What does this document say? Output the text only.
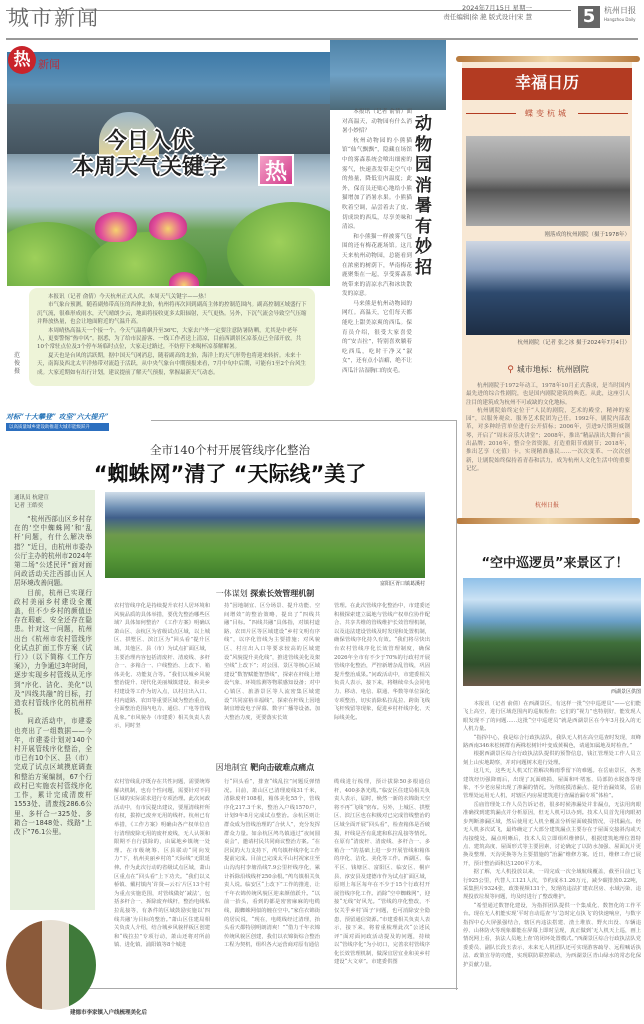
城市新闻	2024年7月15日 星期一
责任编辑|徐 滟 版式设计|宋 慧	5	杭州日报
Hangzhou Daily
热 新闻
今日入伏
本周天气关键字	热

本报讯（记者 俞倩）今天杭州正式入伏。本周天气关键字——热！

市气象台预测，随着副热带高压的西伸北抬，杭州将再次回到副高主体的控制范围内。副高控制区域盛行下沉气流，很难形成雨水，天气晴朗少云，地面将接收更多太阳辐射，天气更热。另外，下沉气流会导致空气压缩并释放热量，也会让地面附近的气温升高。

本周晴热高温天一个接一个。今天气温将飙升至36℃，大家去户外一定要注意防暑防晒，尤其是中老年人，更要警惕“热中风”。据悉，为了给市民游客、一线工作者送上清凉，目前西湖景区凉茶点已全部开放，共10个常驻点位及3个停车场临时点位，大家走过路过，不妨停下来喝杯凉茶解解暑。

夏天也是台风的活跃期，据中国天气网消息，随着副高的北抬，海洋上的天气形势也将迎来转折。未来十天，南海及西北太平洋热带对流趋于活跃，从中央气象台中期预报来看，7月中旬中后期，可能有1至2个台风生成。大家近期如有出行计划，建议提前了解天气预报，掌握最新天气动态。

范俊 摄

本报讯（记者 俞倩）面对高温天，动物园有什么消暑小妙招？

杭州动物园的小熊猫馆“仙气飘飘”，隐藏在场馆中的雾森系统会喷出细密的雾气，快速蒸发带走空气中的热量，降低室内温度；此外，保育员还贴心地给小熊猫增加了消暑水果。小熊猫吹着空调，品尝着去了皮、切成块的西瓜，尽享美味和清凉。

和小熊猫一样被雾气包围的还有梅花鹿场馆。这几天来杭州动物园，总能看到在浓密的树荫下，华南梅花鹿聚集在一起，享受雾森系统带来的清凉水汽和冰块散发的凉意。

马来熊是杭州动物园的网红。高温天，它们每天都能吃上甜美凉爽的西瓜。保育员介绍，很受大家喜爱的“安吉拉”，特别喜欢躺着吃西瓜，吃时干净又“淑女”，还有点小洁癖，绝不让西瓜汁沾湿胸口的皮毛。

动物园消暑有妙招
幸福日历
蝶变杭城
刚落成的杭州剧院（摄于1978年）
杭州剧院（记者 张之冰 摄于2024年7月4日）
⚲ 城市地标：杭州剧院

杭州剧院于1972年动工，1978年10月正式落成，是当时国内最先进的综合性剧院，也是国内剧院建筑的典范。从此，这座引人注目的建筑成为杭州不可或缺的文化地标。

杭州剧院始终定位于“人民的剧院，艺术的殿堂，精神的家园”，以服务观众、服务艺术院团为己任。1992年，剧院内部改革，对多种经营单位进行公开招标；2006年，引进9尺斯坦威钢琴，开启了“周末音乐大讲堂”；2008年，推出“精品演出大舞台”演出品牌；2016年，整合全省资源，打造重阳节戏剧节；2018年，推出艺享（充值）卡，实现精准惠民……一次次变革、一次次创新，让剧院始终保持着青春和活力，成为杭州人文化生活中的重要记忆。

杭州日报
对标“十大攀登” 攻坚“六大提升”
以高质量城乡建设助推超大城市能级跃升
全市140个村开展管线序化整治
“蜘蛛网”清了 “天际线”美了
通讯员 杭建宣
记者 王皓奕

“杭州西部山区乡村存在的‘空中蜘蛛网’和‘乱杆’问题，有什么解决举措？”近日，由杭州市委办公厅主办的杭州市2024年第二场“公述民评”面对面问政活动关注西部山区人居环境改善问题。

目前，杭州已实现行政村美丽乡村建设全覆盖，但不少乡村的颜值还存在瑕疵、安全还存在隐患。针对这一问题，杭州出台《杭州市农村管线序化试点扩面工作方案（试行）》（以下简称《工作方案》），力争通过3年时间，逐步实现乡村管线从无序到“序化、洁化、美化”以及“四线共融”的目标，打造农村管线序化的杭州样板。

问政活动中，市建委也亮出了一组数据——今年，市建委计划对140个村开展管线序化整治，全市已有10个区、县（市）完成了试点区域摸底调查和整治方案编制，67个行政村已实施农村管线序化工作，累计完成清废杆1553处、清废线286.6公里、多杆合一325处、多箱合一1848处、线路“上改下”76.1公里。

建德市李家镇入户线梳理美化后
富阳区胥口镇葛溪村
一体谋划 探索长效管理机制
农村管线序化是持续提升农村人居环境和风貌品质的具体举措，要优先整治哪些区域？具体如何整治？《工作方案》明确以萧山区、余杭区为省级试点区域，以上城区、拱墅区、滨江区为“回头看”提升区域，其他区、县（市）为试点扩面区域，主要治理内容包括清废杆、清废线、多杆合一、多箱合一、户线整治、上改下、箱体美化、功能复合等。“我们以城乡风貌整治提升、现代化美丽城镇建设、和美乡村建设等工作为切入点，以村庄出入口、村内道路、农田等重要区域为整治重点，全面整治范围内电力、通信、广电等管线乱象。”市风貌办（市建委）相关负责人表示，同时坚
持“因地制宜、区分场景、提升功能、空间增效”的整治策略，提出了“四线共融”目标。“四线共融”具体指，对镇村道路、农田片区等区域建设“乡村文明有序线”，以序化管线为主要措施；对风貌区、村庄出入口等要求较高的区域建设“风貌提升美化线”，推进管线美化及架空线“上改下”；对公园、景区等核心区域建设“数智赋能智慧线”，探索在杆线上增设气象、环境监测等物联感知设备；对中心镇区、旅游景区等人流密集区域建设“共同富裕幸福线”，探索在杆线上因地制宜增设电子屏幕、数字广播等设备。加大整治力度，更要落实长效
管理。在此次管线序化整治中，市建委还积极探索建立属地与管线产权单位协作配合、共享共维的管线维护长效管理机制，以及违法建设管线及时发现和处置机制，确保管线序化持久有效。“我们将尽快出台农村管线序化长效管理制度，确保2026年全市有不少于70%的行政村开展管线序化整治，严控新增杂乱管线，巩固提升整治成果。”问政活动中，市建委相关负责人表示，接下来，将继续牵头会同电力、移动、电信、联通、华数等单位深化专项整治，切实消除私拉乱拉、跨街飞线飞杆残留等现象，促进乡村杆线序化、天际线美化。
因地制宜 靶向击破难点痛点
农村管线乱序既存在共性问题，需要统筹解决机制，也有个性问题，需要针对不同区域的实际需求进行专项治理。此次问政活动中，有市民提出建议，要厘清线杆所有权，拔掉已废弃无用的线杆。杭州已有举措，《工作方案》明确由各产权单位自行清理废除无用的废杆废线，无人认领和限期不自行拔除的，由属地乡镇统一处理。在市级统筹、区县联动“同向发力”下，杭州美丽乡村的“天际线”无限延伸。作为此次行动的省级试点区域，萧山区重点在“回头看”上下功夫。“我们以义桥镇、戴村镇内‘许贤—云石’片区13个村为重点实施范围，对管线做好‘减法’，包括多杆合一、拆除废弃线杆，整治电线私拉乱接等，有条件的区域鼓励实施以‘四线共融’为目标的整治。”萧山区住建局相关负责人介绍，结合城乡风貌样板区创建和“线拉拉”专项行动，萧山还将对所前镇、进化镇、浦阳镇等8个城进
行“回头看”，排查“线乱拉”问题反弹情况。目前，萧山区已清理废线31千米，清除废杆108根，箱体美化55个，管线序化217.3千米，整治入户线1570户，计划9年8月完成试点整治。余杭区则让群众成为管线治理的“合伙人”，充分发挥群众力量。如余杭区鸬鸟镇通过“夜间圆桌会”，邀请村民共同商议整治方案。“在居民的大力支持下，鸬鸟镇杆线序化工作提前完成。目前已完成太平山村祝家庄至山沟沟村李塘沿线7.9公里杆线序化，累计拆除沿线线杆250余根。”鸬鸟镇相关负责人说。临安区“上改下”工作的推进，让千年衣锦传统风貌区迎来颜值跃升。“以前一抬头，看到的都是密密麻麻的电缆线，跟蜘蛛网似的缠在空中。”家住衣锦街的居民说，“现在，电缆线经过清理，抬头看天都特别明朗清爽！”“借力千年衣锦传统风貌区创建，我们以衣锦街综合整治工程为契机，组织各大运营商对原有通信
缆线进行梳理，预计拔除50多根通信杆，400多条光缆。”临安区住建局相关负责人表示，届时，焕然一新的衣锦街天空将不再“飞线”密布。另外，上城区、拱墅区、滨江区也在积极对已完成管线整治的区域全面开展“回头看”，检查箱体是否破损，杆线是否有乱建和私拉乱接等情况。在原有“清废杆、清废线、多杆合一、多箱合一”的基础上进一步开展管线和箱体的序化、洁化、美化等工作。西湖区、临平区、钱塘区、富阳区、临安区、桐庐县、淳安县及建德市作为试点扩面区域，原则上每区每年在不少于15个行政村开展管线序化工作。消除“空中蜘蛛网”，迎接“无线”好风光。“管线的序化整改，不仅关乎乡村‘面子’问题，也可消除安全隐患，预留通信资源。”市建委相关负责人表示，接下来，将着重梳理此次“公述民评”面对面问政活动提及的问题，持续以“管线序化”为小切口，完善农村管线序化长效管理机制，做深宜居宜业和美乡村建设“大文章”。市建委供图
“空中巡逻员”来景区了！
西湖景区供图

本报讯（记者 俞倩）在西湖景区，有这样一批“空中巡逻员”——它们能飞上高空，进行区域范围内的巡航检查；它们的“视力”也特别好，能发现人眼发现不了的问题……这批“空中巡逻员”就是西湖景区在今年3月投入的无人机力量。

“指挥中心，我是综合行政执法队，我队无人机在高空巡查时发现，双峰路西南346米松树群有两株松树针叶变成黄褐色，请通知属地及时检查。”

根据西湖景区综合行政执法队提供的预警信息，钱江管理处工作人员立刻上山实地勘察，并对问题树木进行处理。

这几天，这些无人机又忙着解决梅雨季留下的难题。在岳庙景区，各类建筑经历强降雨后，出现了瓦面破损、屋面和叶堵塞、局部防水脱落等现象，不少老房屋出现了渗漏的情况。为彻底摸清漏点、提升治漏效果，岳庙管理处运用无人机，对辖区内房屋建筑进行查漏治漏专项“体检”。

岳庙管理处工作人员告诉记者，很多时候渗漏处并非漏点，无法用肉眼准确找到建筑漏点并分析原因，但无人机可以办到。技术人员首先用肉眼初步判断渗漏区域，然后使用无人机全覆盖分析屋面破损情况，寻找漏点。经无人机多次试飞，最终确定了大部分建筑漏点主要存在于屋面交接斜沟或天沟接缝处。漏点明晰后，技术人员立即组织维修队，根据建筑地理位置特点、建筑高度、屋面形式等主要因素，讨论确定了以防水加强、屋面瓦片更换及整理、天沟更换等为主要措施的“治漏”维修方案。近日，维修工作已展开，预计整治面积达1200平方米。

据了解，无人机投放以来，一周完成一次全域航线覆盖，截至目前已飞行925公里，代替人工121人次，节约成本1.26万元，减少碳排放0.22吨，采集照片9324张，政策视频131个，发现的违法扩建农居房、水域污染、违规投放垃圾等问题，均及时进行了整改维护。

“希望通过数智化建设，为指挥团队提供一个集成化、数智化的工作平台。现在无人机能实现‘平时自动巡查’与‘急时定点执飞’的快速响应，与数字指挥中心大屏强强结合，辖区内违法搭建、渣土堆放、野火出没、车辆违停、山林防火等现象都能在屏幕上即时呈现，真正做到‘无人机天上巡，画上情况网上看，执法人员地上查’的闭环处置模式。”西湖景区综合行政执法队党委委员、副队长段玉表示，未来无人机团队还可实现游客疏导、远程喊话执法、政策宣导的功能，实现联防联控联动，为西湖景区青山绿水的常态化保护贡献力量。
